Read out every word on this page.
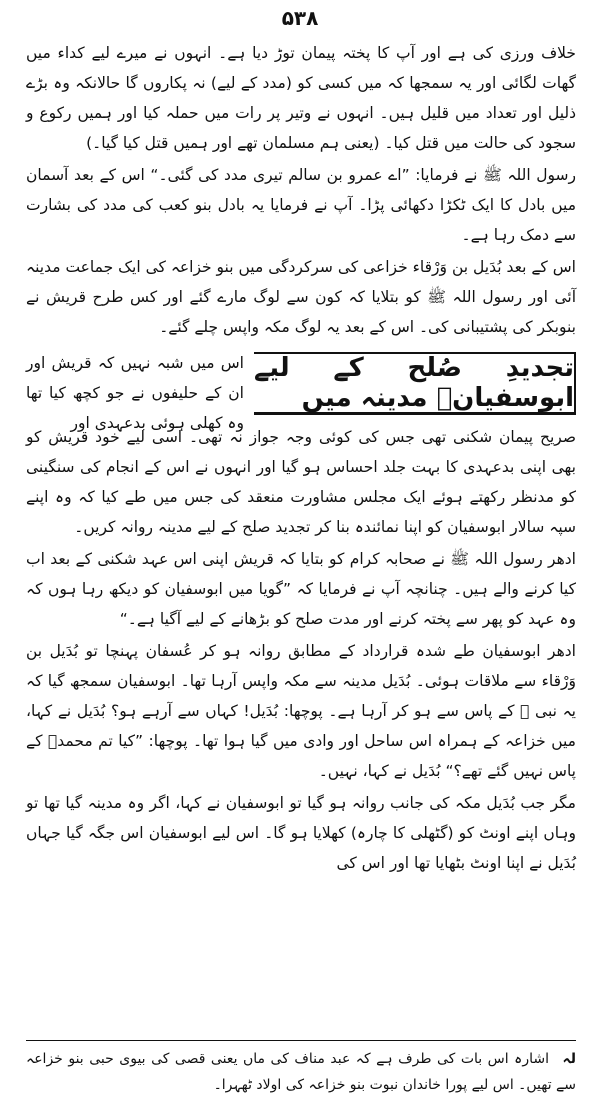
۵۳۸

خلاف ورزی کی ہے اور آپ کا پختہ پیمان توڑ دیا ہے۔ انہوں نے میرے لیے کداء میں گھات لگائی اور یہ سمجھا کہ میں کسی کو (مدد کے لیے) نہ پکاروں گا حالانکہ وہ بڑے ذلیل اور تعداد میں قلیل ہیں۔ انہوں نے وتیر پر رات میں حملہ کیا اور ہمیں رکوع و سجود کی حالت میں قتل کیا۔ (یعنی ہم مسلمان تھے اور ہمیں قتل کیا گیا۔)

رسول اللہ ﷺ نے فرمایا: ”اے عمرو بن سالم تیری مدد کی گئی۔“ اس کے بعد آسمان میں بادل کا ایک ٹکڑا دکھائی پڑا۔ آپ نے فرمایا یہ بادل بنو کعب کی مدد کی بشارت سے دمک رہا ہے۔

اس کے بعد بُدَیل بن وَرْقاء خزاعی کی سرکردگی میں بنو خزاعہ کی ایک جماعت مدینہ آئی اور رسول اللہ ﷺ کو بتلایا کہ کون سے لوگ مارے گئے اور کس طرح قریش نے بنوبکر کی پشتیبانی کی۔ اس کے بعد یہ لوگ مکہ واپس چلے گئے۔

تجدیدِ صُلح کے لیے ابوسفیانؓ مدینہ میں
اس میں شبہ نہیں کہ قریش اور ان کے حلیفوں نے جو کچھ کیا تھا وہ کھلی ہوئی بدعہدی اور

صریح پیمان شکنی تھی جس کی کوئی وجہ جواز نہ تھی۔ اسی لیے خود قریش کو بھی اپنی بدعہدی کا بہت جلد احساس ہو گیا اور انہوں نے اس کے انجام کی سنگینی کو مدنظر رکھتے ہوئے ایک مجلس مشاورت منعقد کی جس میں طے کیا کہ وہ اپنے سپہ سالار ابوسفیان کو اپنا نمائندہ بنا کر تجدید صلح کے لیے مدینہ روانہ کریں۔

ادھر رسول اللہ ﷺ نے صحابہ کرام کو بتایا کہ قریش اپنی اس عہد شکنی کے بعد اب کیا کرنے والے ہیں۔ چنانچہ آپ نے فرمایا کہ ”گویا میں ابوسفیان کو دیکھ رہا ہوں کہ وہ عہد کو پھر سے پختہ کرنے اور مدت صلح کو بڑھانے کے لیے آگیا ہے۔“

ادھر ابوسفیان طے شدہ قرارداد کے مطابق روانہ ہو کر عُسفان پہنچا تو بُدَیل بن وَرْقاء سے ملاقات ہوئی۔ بُدَیل مدینہ سے مکہ واپس آرہا تھا۔ ابوسفیان سمجھ گیا کہ یہ نبی ﷺ کے پاس سے ہو کر آرہا ہے۔ پوچھا: بُدَیل! کہاں سے آرہے ہو؟ بُدَیل نے کہا، میں خزاعہ کے ہمراہ اس ساحل اور وادی میں گیا ہوا تھا۔ پوچھا: ”کیا تم محمدؐ کے پاس نہیں گئے تھے؟“ بُدَیل نے کہا، نہیں۔

مگر جب بُدَیل مکہ کی جانب روانہ ہو گیا تو ابوسفیان نے کہا، اگر وہ مدینہ گیا تھا تو وہاں اپنے اونٹ کو (گٹھلی کا چارہ) کھلایا ہو گا۔ اس لیے ابوسفیان اس جگہ گیا جہاں بُدَیل نے اپنا اونٹ بٹھایا تھا اور اس کی

لہ اشارہ اس بات کی طرف ہے کہ عبد مناف کی ماں یعنی قصی کی بیوی حبی بنو خزاعہ سے تھیں۔ اس لیے پورا خاندان نبوت بنو خزاعہ کی اولاد ٹھہرا۔
